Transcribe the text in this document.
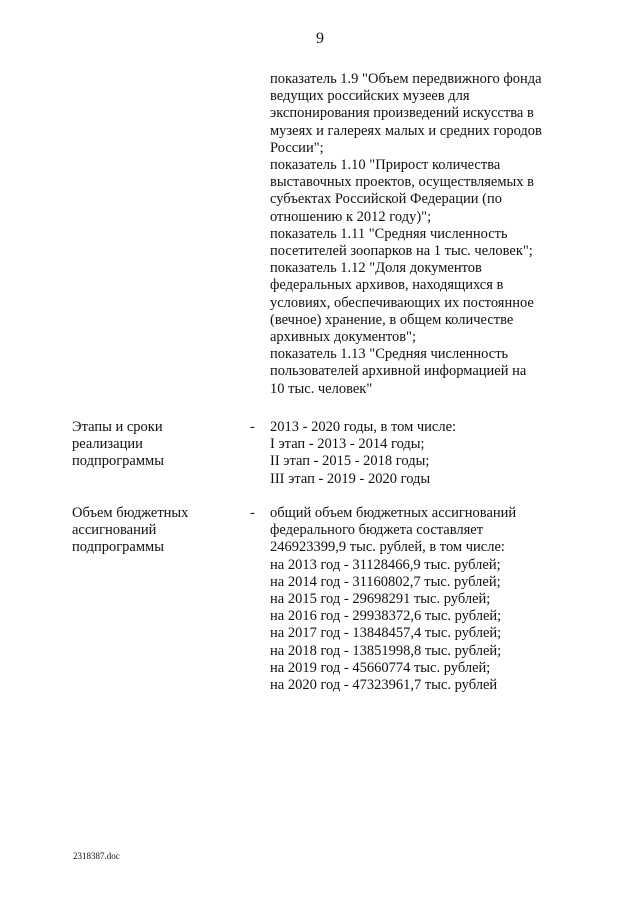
9
показатель 1.9 "Объем передвижного фонда
ведущих российских музеев для
экспонирования произведений искусства в
музеях и галереях малых и средних городов
России";
показатель 1.10 "Прирост количества
выставочных проектов, осуществляемых в
субъектах Российской Федерации (по
отношению к 2012 году)";
показатель 1.11 "Средняя численность
посетителей зоопарков на 1 тыс. человек";
показатель 1.12 "Доля документов
федеральных архивов, находящихся в
условиях, обеспечивающих их постоянное
(вечное) хранение, в общем количестве
архивных документов";
показатель 1.13 "Средняя численность
пользователей архивной информацией на
10 тыс. человек"
Этапы и сроки
реализации
подпрограммы
- 2013 - 2020 годы, в том числе:
I этап - 2013 - 2014 годы;
II этап - 2015 - 2018 годы;
III этап - 2019 - 2020 годы
Объем бюджетных
ассигнований
подпрограммы
- общий объем бюджетных ассигнований
федерального бюджета составляет
246923399,9 тыс. рублей, в том числе:
на 2013 год - 31128466,9 тыс. рублей;
на 2014 год - 31160802,7 тыс. рублей;
на 2015 год - 29698291 тыс. рублей;
на 2016 год - 29938372,6 тыс. рублей;
на 2017 год - 13848457,4 тыс. рублей;
на 2018 год - 13851998,8 тыс. рублей;
на 2019 год - 45660774 тыс. рублей;
на 2020 год - 47323961,7 тыс. рублей
2318387.doc
